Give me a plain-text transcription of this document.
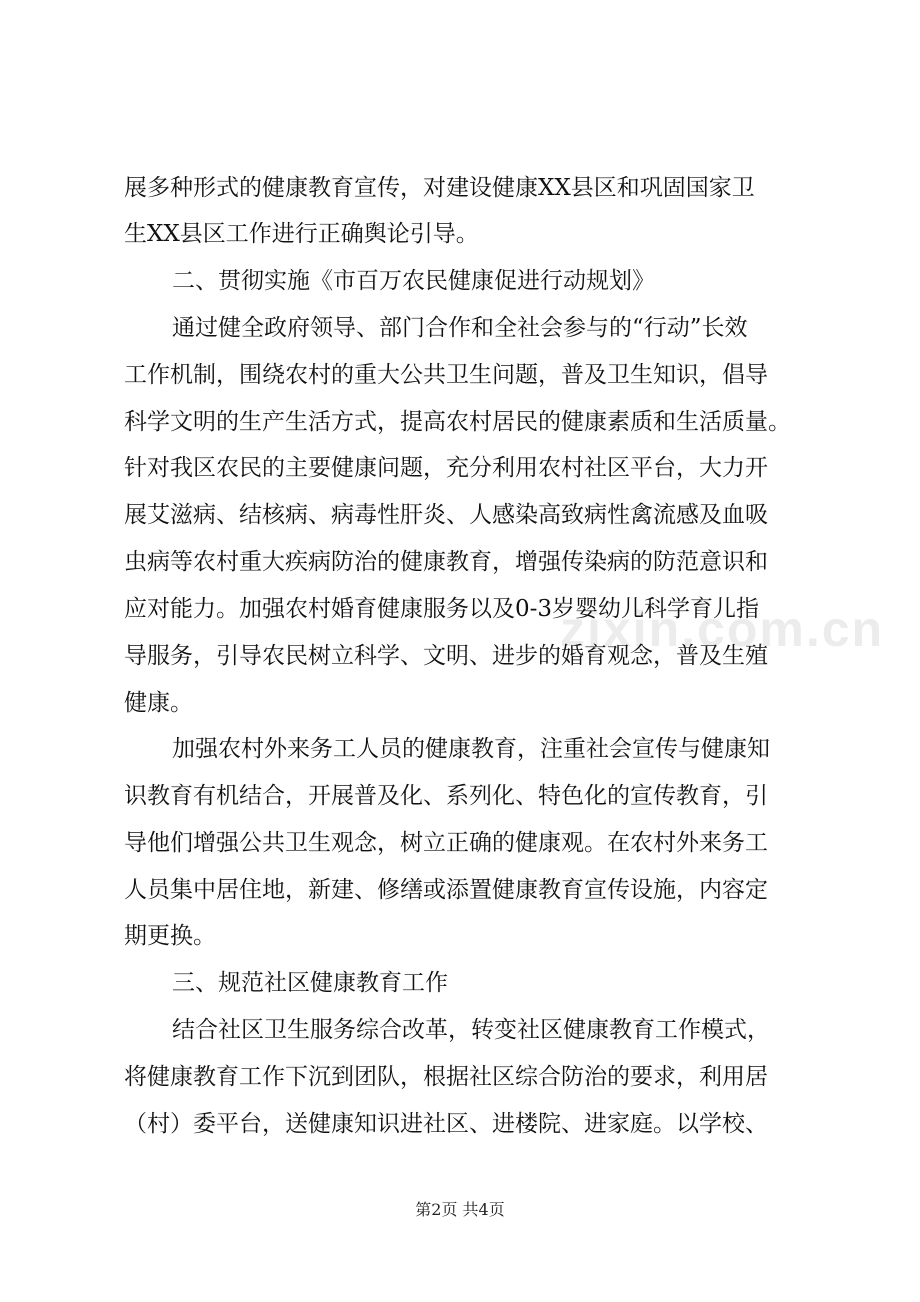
zixin.com.cn
展多种形式的健康教育宣传，对建设健康XX县区和巩固国家卫
生XX县区工作进行正确舆论引导。
二、贯彻实施《市百万农民健康促进行动规划》
通过健全政府领导、部门合作和全社会参与的“行动”长效
工作机制，围绕农村的重大公共卫生问题，普及卫生知识，倡导
科学文明的生产生活方式，提高农村居民的健康素质和生活质量。
针对我区农民的主要健康问题，充分利用农村社区平台，大力开
展艾滋病、结核病、病毒性肝炎、人感染高致病性禽流感及血吸
虫病等农村重大疾病防治的健康教育，增强传染病的防范意识和
应对能力。加强农村婚育健康服务以及0-3岁婴幼儿科学育儿指
导服务，引导农民树立科学、文明、进步的婚育观念，普及生殖
健康。
加强农村外来务工人员的健康教育，注重社会宣传与健康知
识教育有机结合，开展普及化、系列化、特色化的宣传教育，引
导他们增强公共卫生观念，树立正确的健康观。在农村外来务工
人员集中居住地，新建、修缮或添置健康教育宣传设施，内容定
期更换。
三、规范社区健康教育工作
结合社区卫生服务综合改革，转变社区健康教育工作模式，
将健康教育工作下沉到团队，根据社区综合防治的要求，利用居
（村）委平台，送健康知识进社区、进楼院、进家庭。以学校、
第2页 共4页
